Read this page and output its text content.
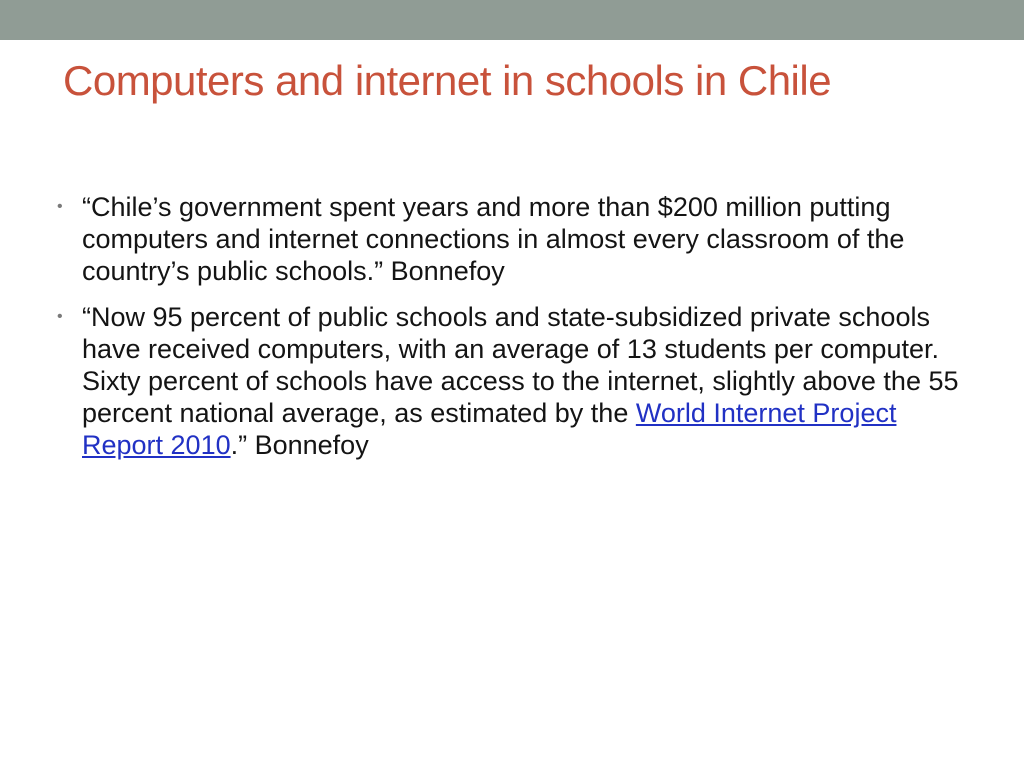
Computers and internet in schools in Chile
• “Chile’s government spent years and more than $200 million putting computers and internet connections in almost every classroom of the country’s public schools.” Bonnefoy
• “Now 95 percent of public schools and state-subsidized private schools have received computers, with an average of 13 students per computer. Sixty percent of schools have access to the internet, slightly above the 55 percent national average, as estimated by the World Internet Project Report 2010.” Bonnefoy
